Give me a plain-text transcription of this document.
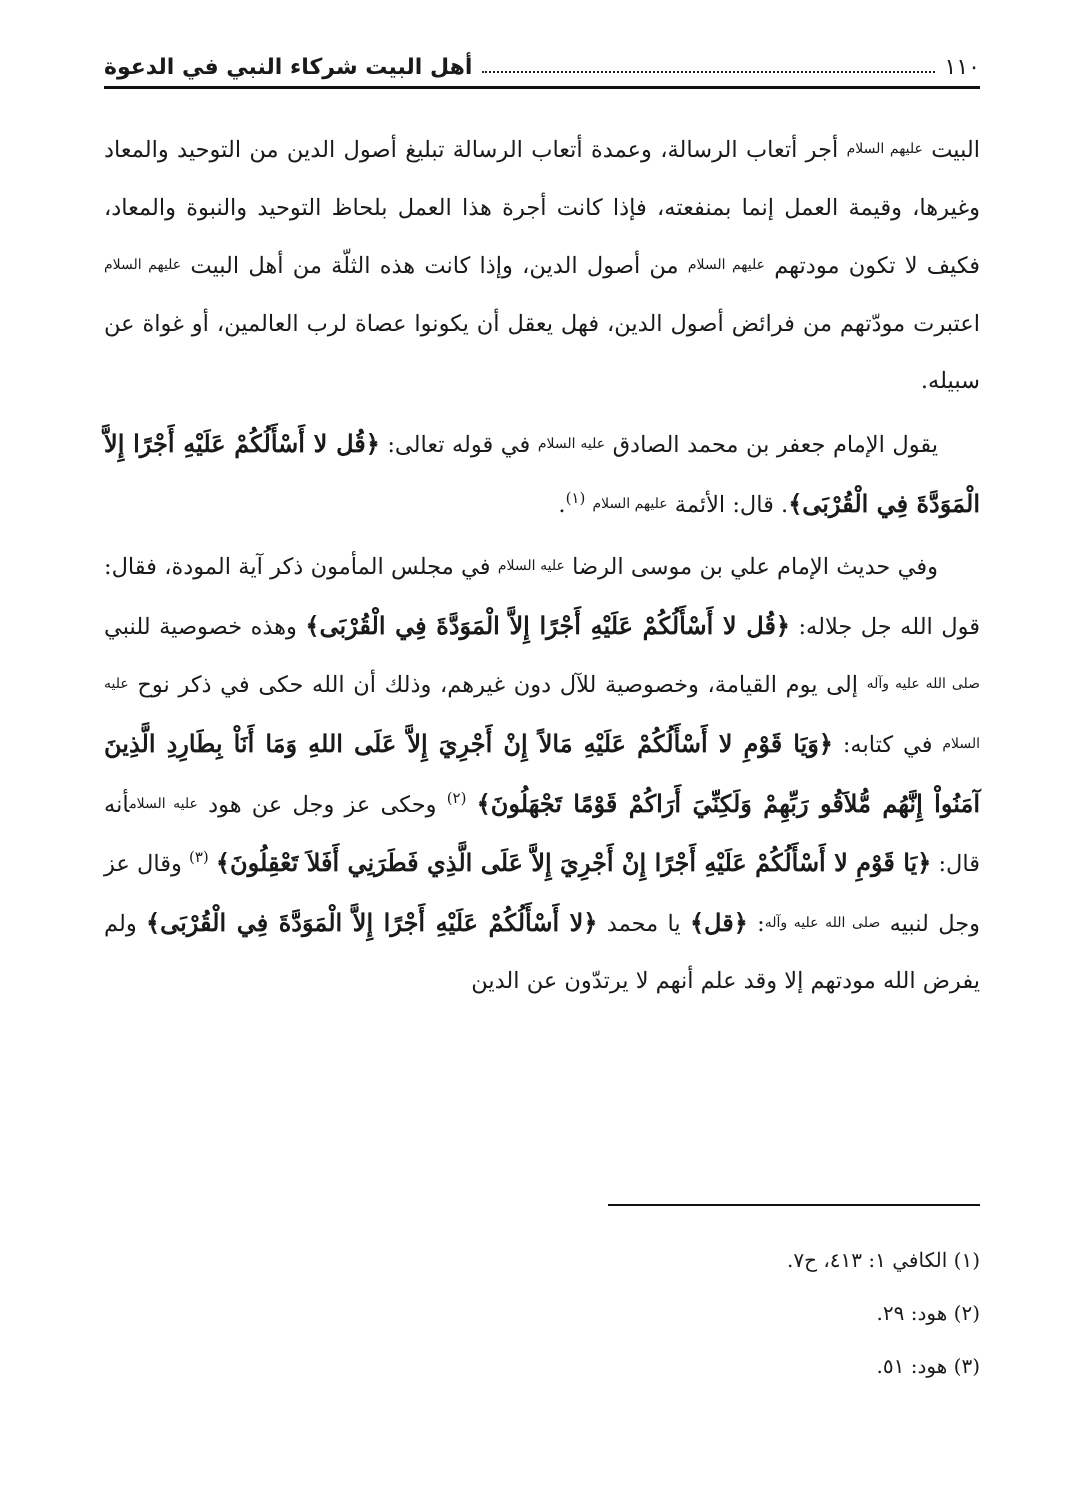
١١٠
أهل البيت شركاء النبي في الدعوة

البيت عليهم السلام أجر أتعاب الرسالة، وعمدة أتعاب الرسالة تبليغ أصول الدين من التوحيد والمعاد وغيرها، وقيمة العمل إنما بمنفعته، فإذا كانت أجرة هذا العمل بلحاظ التوحيد والنبوة والمعاد، فكيف لا تكون مودتهم عليهم السلام من أصول الدين، وإذا كانت هذه الثلّة من أهل البيت عليهم السلام اعتبرت مودّتهم من فرائض أصول الدين، فهل يعقل أن يكونوا عصاة لرب العالمين، أو غواة عن سبيله.

يقول الإمام جعفر بن محمد الصادق عليه السلام في قوله تعالى: ﴿قُل لا أَسْأَلُكُمْ عَلَيْهِ أَجْرًا إِلاَّ الْمَوَدَّةَ فِي الْقُرْبَى﴾. قال: الأئمة عليهم السلام $^{(١)}$.

وفي حديث الإمام علي بن موسى الرضا عليه السلام في مجلس المأمون ذكر آية المودة، فقال: قول الله جل جلاله: ﴿قُل لا أَسْأَلُكُمْ عَلَيْهِ أَجْرًا إِلاَّ الْمَوَدَّةَ فِي الْقُرْبَى﴾ وهذه خصوصية للنبي صلى الله عليه وآله إلى يوم القيامة، وخصوصية للآل دون غيرهم، وذلك أن الله حكى في ذكر نوح عليه السلام في كتابه: ﴿وَيَا قَوْمِ لا أَسْأَلُكُمْ عَلَيْهِ مَالاً إِنْ أَجْرِيَ إِلاَّ عَلَى اللهِ وَمَا أَنَاْ بِطَارِدِ الَّذِينَ آمَنُواْ إِنَّهُم مُّلاَقُو رَبِّهِمْ وَلَكِنِّيَ أَرَاكُمْ قَوْمًا تَجْهَلُونَ﴾ $^{(٢)}$ وحكى عز وجل عن هود عليه السلامأنه قال: ﴿يَا قَوْمِ لا أَسْأَلُكُمْ عَلَيْهِ أَجْرًا إِنْ أَجْرِيَ إِلاَّ عَلَى الَّذِي فَطَرَنِي أَفَلاَ تَعْقِلُونَ﴾ $^{(٣)}$ وقال عز وجل لنبيه صلى الله عليه وآله: ﴿قل﴾ يا محمد ﴿لا أَسْأَلُكُمْ عَلَيْهِ أَجْرًا إِلاَّ الْمَوَدَّةَ فِي الْقُرْبَى﴾ ولم يفرض الله مودتهم إلا وقد علم أنهم لا يرتدّون عن الدين

(١) الكافي ١: ٤١٣، ح٧.

(٢) هود: ٢٩.

(٣) هود: ٥١.
